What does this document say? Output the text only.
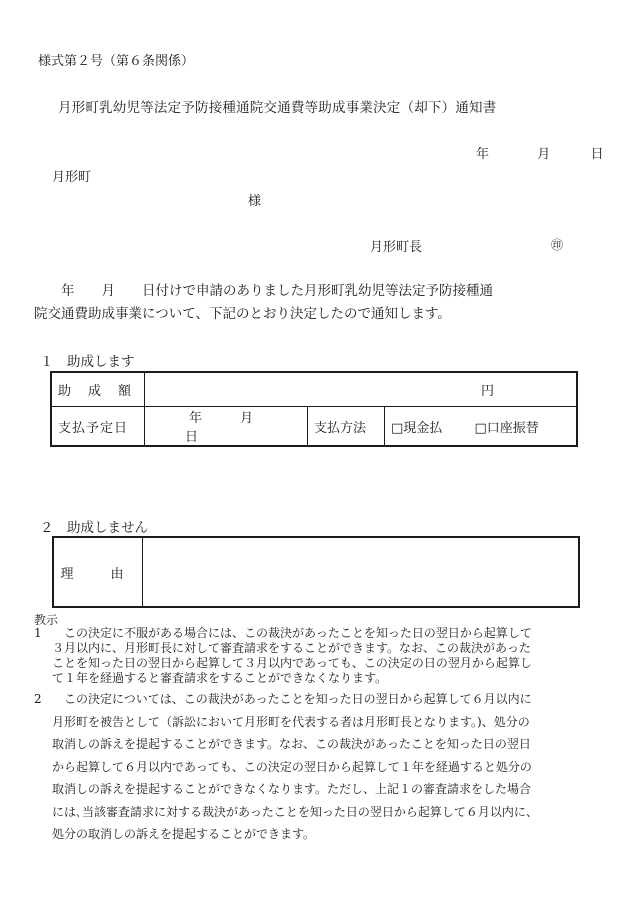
様式第２号（第６条関係）
月形町乳幼児等法定予防接種通院交通費等助成事業決定（却下）通知書
年	月	日
月形町
様
月形町長	㊞
　　年　　月　　日付けで申請のありました月形町乳幼児等法定予防接種通
院交通費助成事業について、下記のとおり決定したので通知します。
１　助成します
助　成　額	円		
支払予定日	年 月 日	支払方法	□現金払 □口座振替
２　助成しません
理　由	
教示
1	この決定に不服がある場合には、この裁決があったことを知った日の翌日から起算して
３月以内に、月形町長に対して審査請求をすることができます。なお、この裁決があった
ことを知った日の翌日から起算して３月以内であっても、この決定の日の翌月から起算し
て１年を経過すると審査請求をすることができなくなります。
2	この決定については、この裁決があったことを知った日の翌日から起算して６月以内に
月形町を被告として（訴訟において月形町を代表する者は月形町長となります。)、処分の
取消しの訴えを提起することができます。なお、この裁決があったことを知った日の翌日
から起算して６月以内であっても、この決定の翌日から起算して１年を経過すると処分の
取消しの訴えを提起することができなくなります。ただし、上記１の審査請求をした場合
には､当該審査請求に対する裁決があったことを知った日の翌日から起算して６月以内に、
処分の取消しの訴えを提起することができます。
